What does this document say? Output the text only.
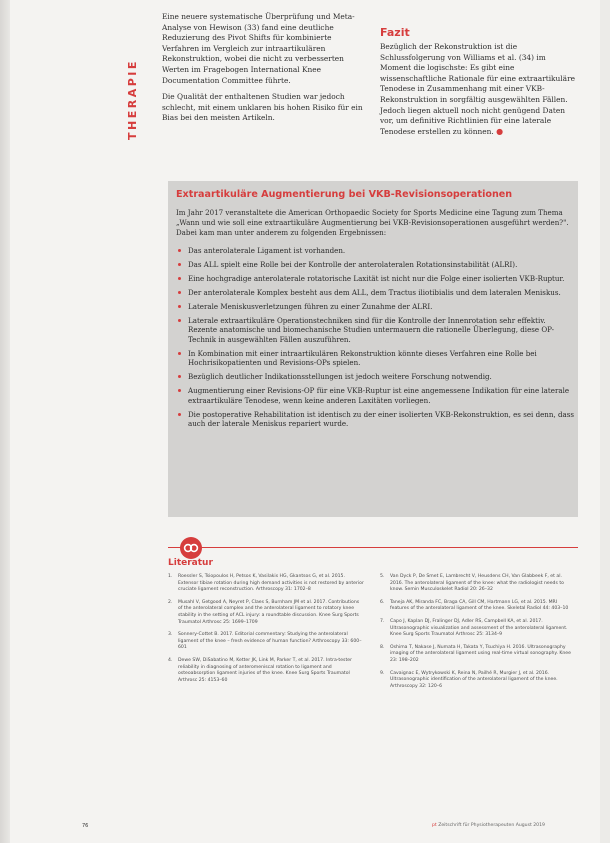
THERAPIE

Eine neuere systematische Überprüfung und Meta-Analyse von Hewison (33) fand eine deutliche Reduzierung des Pivot Shifts für kombinierte Verfahren im Vergleich zur intraartikulären Rekonstruktion, wobei die nicht zu verbesserten Werten im Fragebogen International Knee Documentation Committee führte.

Die Qualität der enthaltenen Studien war jedoch schlecht, mit einem unklaren bis hohen Risiko für ein Bias bei den meisten Artikeln.

Fazit

Bezüglich der Rekonstruktion ist die Schlussfolgerung von Williams et al. (34) im Moment die logischste: Es gibt eine wissenschaftliche Rationale für eine extraartikuläre Tenodese in Zusammenhang mit einer VKB-Rekonstruktion in sorgfältig ausgewählten Fällen. Jedoch liegen aktuell noch nicht genügend Daten vor, um definitive Richtlinien für eine laterale Tenodese erstellen zu können. ●

Extraartikuläre Augmentierung bei VKB-Revisionsoperationen
Im Jahr 2017 veranstaltete die American Orthopaedic Society for Sports Medicine eine Tagung zum Thema „Wann und wie soll eine extraartikuläre Augmentierung bei VKB-Revisionsoperationen ausgeführt werden?". Dabei kam man unter anderem zu folgenden Ergebnissen:
Das anterolaterale Ligament ist vorhanden.
Das ALL spielt eine Rolle bei der Kontrolle der anterolateralen Rotationsinstabilität (ALRI).
Eine hochgradige anterolaterale rotatorische Laxität ist nicht nur die Folge einer isolierten VKB-Ruptur.
Der anterolaterale Komplex besteht aus dem ALL, dem Tractus iliotibialis und dem lateralen Meniskus.
Laterale Meniskusverletzungen führen zu einer Zunahme der ALRI.
Laterale extraartikuläre Operationstechniken sind für die Kontrolle der Innenrotation sehr effektiv. Rezente anatomische und biomechanische Studien untermauern die rationelle Überlegung, diese OP-Technik in ausgewählten Fällen auszuführen.
In Kombination mit einer intraartikulären Rekonstruktion könnte dieses Verfahren eine Rolle bei Hochrisikopatienten und Revisions-OPs spielen.
Bezüglich deutlicher Indikationsstellungen ist jedoch weitere Forschung notwendig.
Augmentierung einer Revisions-OP für eine VKB-Ruptur ist eine angemessene Indikation für eine laterale extraartikuläre Tenodese, wenn keine anderen Laxitäten vorliegen.
Die postoperative Rehabilitation ist identisch zu der einer isolierten VKB-Rekonstruktion, es sei denn, dass auch der laterale Meniskus repariert wurde.
Literatur
1. Roessler S, Tsiopoulos H, Petsos K, Vasilakis HG, Gkantsos G, et al. 2015. Extensor tibiae rotation during high demand activities is not restored by anterior cruciate ligament reconstruction. Arthroscopy 31: 1702–8
2. Musahl V, Getgood A, Neyret P, Claes S, Burnham JM et al. 2017. Contributions of the anterolateral complex and the anterolateral ligament to rotatory knee stability in the setting of ACL injury: a roundtable discussion. Knee Surg Sports Traumatol Arthrosc 25: 1699–1709
3. Sonnery-Cottet B. 2017. Editorial commentary: Studying the anterolateral ligament of the knee – fresh evidence of human function? Arthroscopy 33: 600–601
4. Dewe SW, DiSabatino M, Ketter JK, Link M, Parker T, et al. 2017. Intra-tester reliability in diagnosing of anteromeniscal rotation to ligament and osteoabsorption ligament injuries of the knee. Knee Surg Sports Traumatol Arthrosc 25: 4153–60
5. Van Dyck P, De Smet E, Lambrecht V, Heusdens CH, Van Glabbeek F, et al. 2016. The anterolateral ligament of the knee: what the radiologist needs to know. Semin Musculoskelet Radiol 20: 26–32
6. Taneja AK, Miranda FC, Braga CA, Gill CM, Hartmann LG, et al. 2015. MRI features of the anterolateral ligament of the knee. Skeletal Radiol 44: 403–10
7. Capo J, Kaplan DJ, Fralinger DJ, Adler RS, Campbell KA, et al. 2017. Ultrasonographic visualization and assessment of the anterolateral ligament. Knee Surg Sports Traumatol Arthrosc 25: 3134–9
8. Oshima T, Nakase J, Numata H, Takata Y, Tsuchiya H. 2016. Ultrasonography imaging of the anterolateral ligament using real-time virtual sonography. Knee 23: 198–202
9. Cavaignac E, Wytrykowski K, Reina N, Pailhé R, Murgier J, et al. 2016. Ultrasonographic identification of the anterolateral ligament of the knee. Arthroscopy 32: 120–6
76	pt Zeitschrift für Physiotherapeuten August 2019
